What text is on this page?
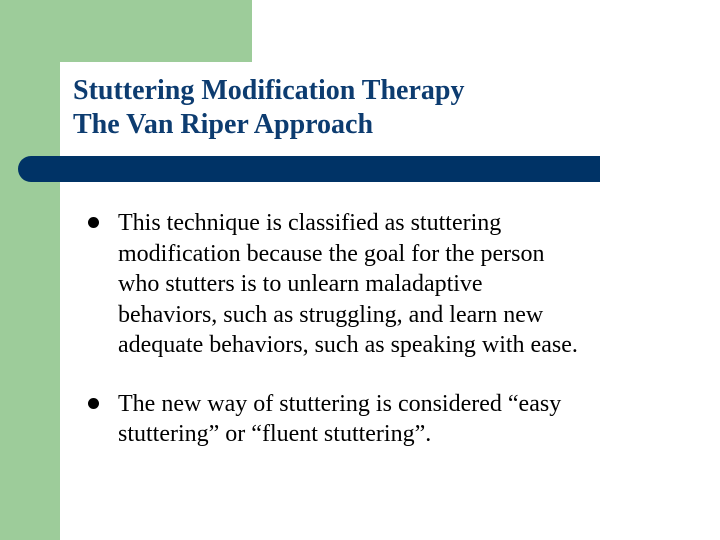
Stuttering Modification Therapy
The Van Riper Approach
This technique is classified as stuttering
modification because the goal for the person
who stutters is to unlearn maladaptive
behaviors, such as struggling, and learn new
adequate behaviors, such as speaking with ease.
The new way of stuttering is considered “easy
stuttering” or “fluent stuttering”.
